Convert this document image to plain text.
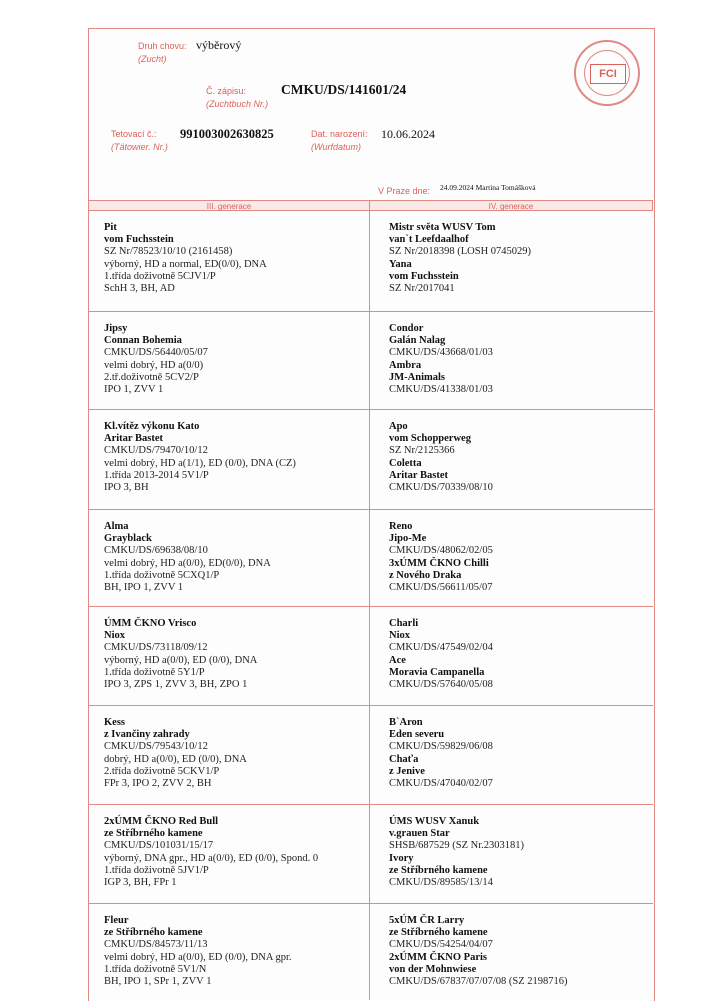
Druh chovu:
(Zucht)
výběrový
Č. zápisu:
(Zuchtbuch Nr.)
CMKU/DS/141601/24
Tetovací č.:
(Tätowier. Nr.)
991003002630825	Dat. narození:
(Wurfdatum)
10.06.2024
V Praze dne: 24.09.2024 Martina Tomášková
FCI
III. generace	IV. generace
Pit
vom Fuchsstein
SZ Nr/78523/10/10 (2161458)
výborný, HD a normal, ED(0/0), DNA
1.třída doživotně 5CJV1/P
SchH 3, BH, AD
Mistr světa WUSV Tom
van`t Leefdaalhof
SZ Nr/2018398 (LOSH 0745029)
Yana
vom Fuchsstein
SZ Nr/2017041
Jipsy
Connan Bohemia
CMKU/DS/56440/05/07
velmi dobrý, HD a(0/0)
2.tř.doživotně 5CV2/P
IPO 1, ZVV 1
Condor
Galán Nalag
CMKU/DS/43668/01/03
Ambra
JM-Animals
CMKU/DS/41338/01/03
Kl.vítěz výkonu Kato
Aritar Bastet
CMKU/DS/79470/10/12
velmi dobrý, HD a(1/1), ED (0/0), DNA (CZ)
1.třída 2013-2014 5V1/P
IPO 3, BH
Apo
vom Schopperweg
SZ Nr/2125366
Coletta
Aritar Bastet
CMKU/DS/70339/08/10
Alma
Grayblack
CMKU/DS/69638/08/10
velmi dobrý, HD a(0/0), ED(0/0), DNA
1.třída doživotně 5CXQ1/P
BH, IPO 1, ZVV 1
Reno
Jipo-Me
CMKU/DS/48062/02/05
3xÚMM ČKNO Chilli
z Nového Draka
CMKU/DS/56611/05/07
ÚMM ČKNO Vrisco
Niox
CMKU/DS/73118/09/12
výborný, HD a(0/0), ED (0/0), DNA
1.třída doživotně 5Y1/P
IPO 3, ZPS 1, ZVV 3, BH, ZPO 1
Charli
Niox
CMKU/DS/47549/02/04
Ace
Moravia Campanella
CMKU/DS/57640/05/08
Kess
z Ivančiny zahrady
CMKU/DS/79543/10/12
dobrý, HD a(0/0), ED (0/0), DNA
2.třída doživotně 5CKV1/P
FPr 3, IPO 2, ZVV 2, BH
B`Aron
Eden severu
CMKU/DS/59829/06/08
Chaťa
z Jenive
CMKU/DS/47040/02/07
2xÚMM ČKNO Red Bull
ze Stříbrného kamene
CMKU/DS/101031/15/17
výborný, DNA gpr., HD a(0/0), ED (0/0), Spond. 0
1.třída doživotně 5JV1/P
IGP 3, BH, FPr 1
ÚMS WUSV Xanuk
v.grauen Star
SHSB/687529 (SZ Nr.2303181)
Ivory
ze Stříbrného kamene
CMKU/DS/89585/13/14
Fleur
ze Stříbrného kamene
CMKU/DS/84573/11/13
velmi dobrý, HD a(0/0), ED (0/0), DNA gpr.
1.třída doživotně 5V1/N
BH, IPO 1, SPr 1, ZVV 1
5xÚM ČR Larry
ze Stříbrného kamene
CMKU/DS/54254/04/07
2xÚMM ČKNO Paris
von der Mohnwiese
CMKU/DS/67837/07/07/08 (SZ 2198716)
